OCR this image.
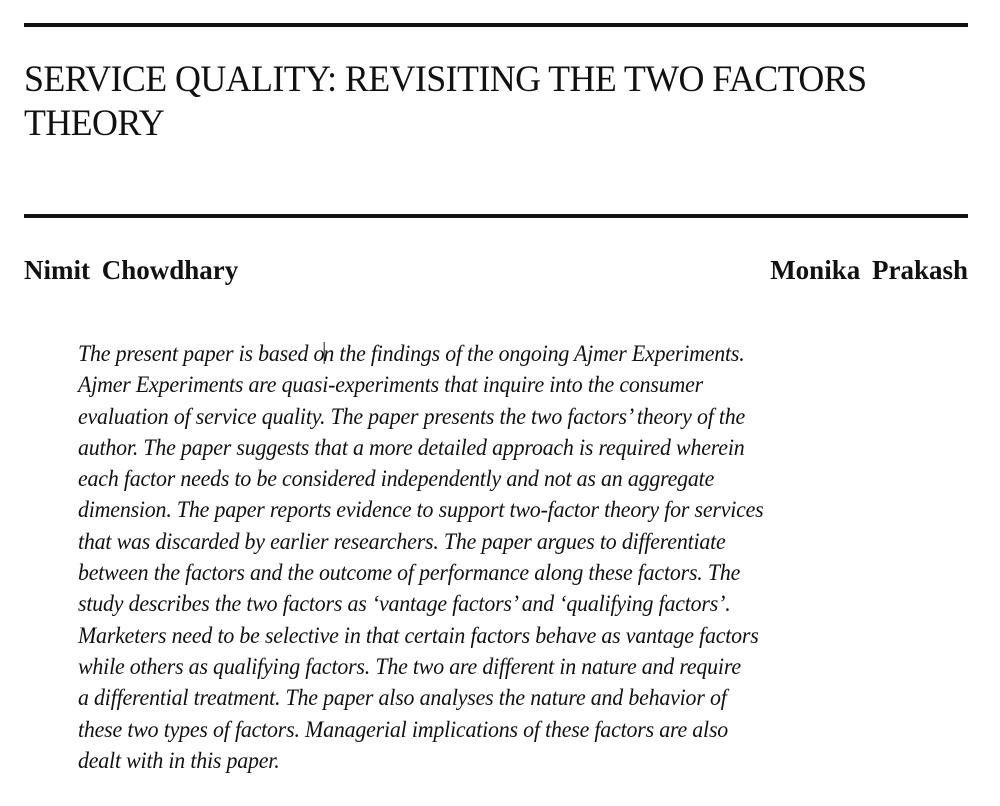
SERVICE QUALITY: REVISITING THE TWO FACTORS
THEORY

Nimit Chowdhary	Monika Prakash

The present paper is based on the findings of the ongoing Ajmer Experiments.
Ajmer Experiments are quasi-experiments that inquire into the consumer
evaluation of service quality. The paper presents the two factors’ theory of the
author. The paper suggests that a more detailed approach is required wherein
each factor needs to be considered independently and not as an aggregate
dimension. The paper reports evidence to support two-factor theory for services
that was discarded by earlier researchers. The paper argues to differentiate
between the factors and the outcome of performance along these factors. The
study describes the two factors as ‘vantage factors’ and ‘qualifying factors’.
Marketers need to be selective in that certain factors behave as vantage factors
while others as qualifying factors. The two are different in nature and require
a differential treatment. The paper also analyses the nature and behavior of
these two types of factors. Managerial implications of these factors are also
dealt with in this paper.
